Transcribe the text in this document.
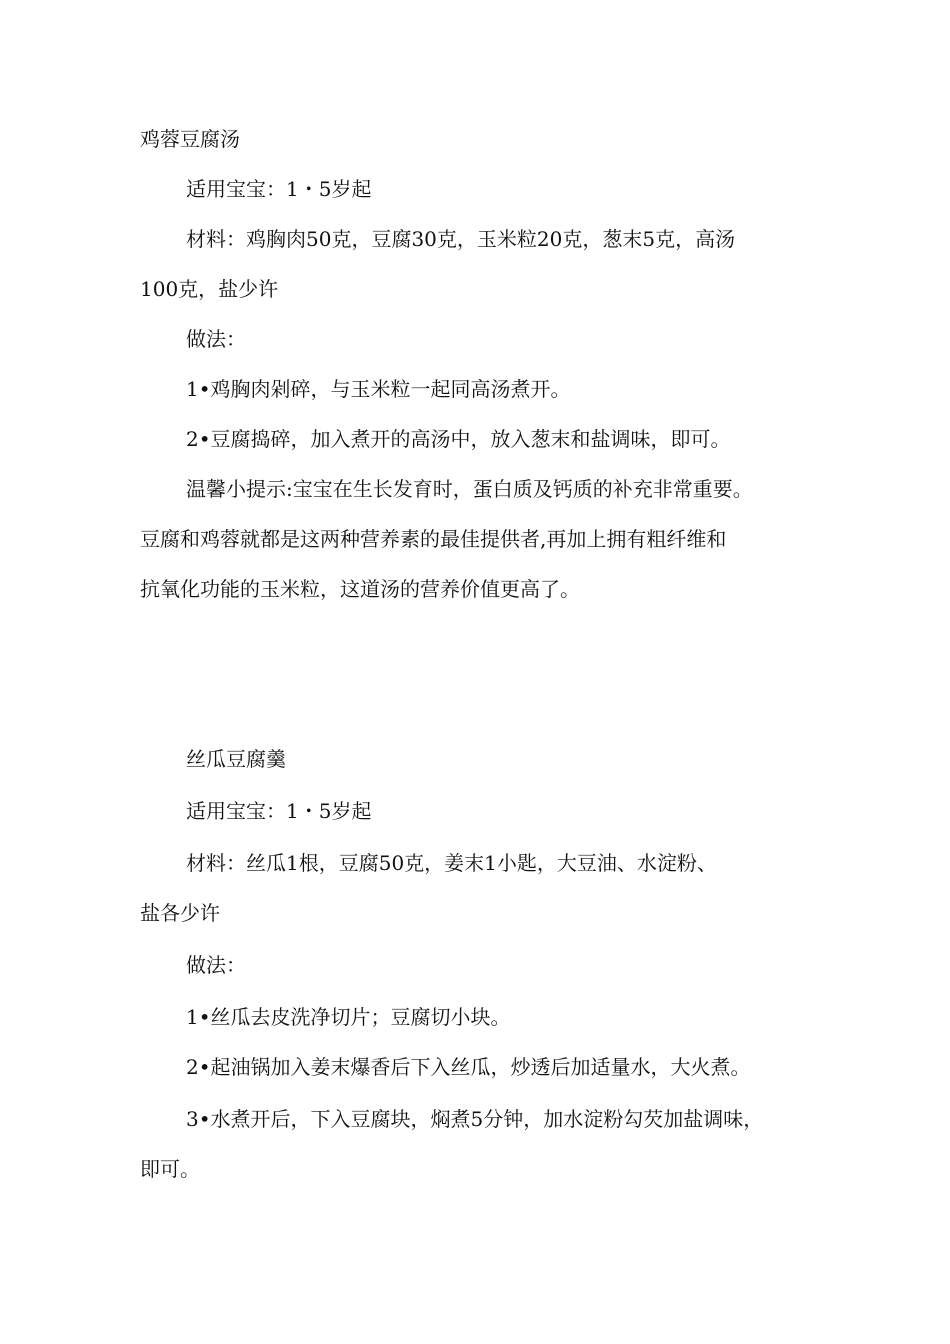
鸡蓉豆腐汤

适用宝宝：1・5岁起

材料：鸡胸肉50克，豆腐30克，玉米粒20克，葱末5克，高汤

100克，盐少许

做法：

1•鸡胸肉剁碎，与玉米粒一起同高汤煮开。

2•豆腐捣碎，加入煮开的高汤中，放入葱末和盐调味，即可。

温馨小提示:宝宝在生长发育时，蛋白质及钙质的补充非常重要。

豆腐和鸡蓉就都是这两种营养素的最佳提供者,再加上拥有粗纤维和

抗氧化功能的玉米粒，这道汤的营养价值更高了。

丝瓜豆腐羹

适用宝宝：1・5岁起

材料：丝瓜1根，豆腐50克，姜末1小匙，大豆油、水淀粉、

盐各少许

做法：

1•丝瓜去皮洗净切片；豆腐切小块。

2•起油锅加入姜末爆香后下入丝瓜，炒透后加适量水，大火煮。

3•水煮开后，下入豆腐块，焖煮5分钟，加水淀粉勾芡加盐调味，

即可。
